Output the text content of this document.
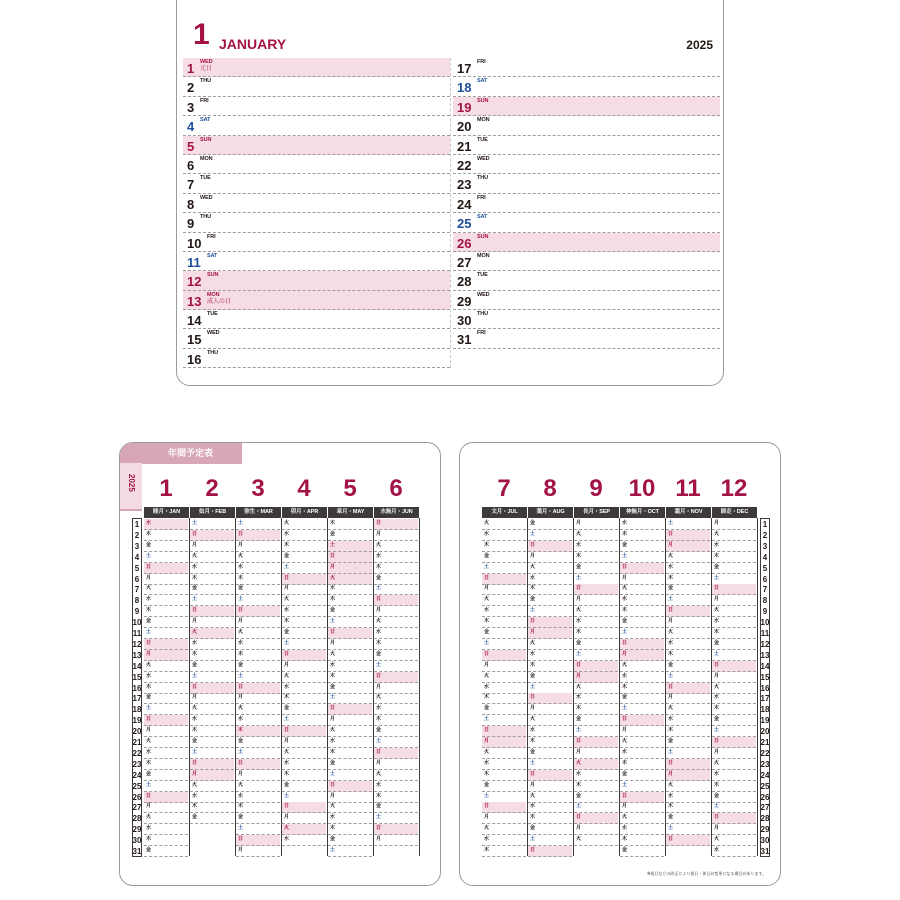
1 JANUARY	2025
1 WED
元日
2 THU
3 FRI
4 SAT
5 SUN
6 MON
7 TUE
8 WED
9 THU
10 FRI
11 SAT
12 SUN
13 MON
成人の日
14 TUE
15 WED
16 THU
17 FRI
18 SAT
19 SUN
20 MON
21 TUE
22 WED
23 THU
24 FRI
25 SAT
26 SUN
27 MON
28 TUE
29 WED
30 THU
31 FRI
2025
年間予定表
1
2
3
4
5
6
7
8
9
10
11
12
13
14
15
16
17
18
19
20
21
22
23
24
25
26
27
28
29
30
31
1
睦月・JAN
水
木
金
土
日
月
火
水
木
金
土
日
月
火
水
木
金
土
日
月
火
水
木
金
土
日
月
火
水
木
金
2
如月・FEB
土
日
月
火
水
木
金
土
日
月
火
水
木
金
土
日
月
火
水
木
金
土
日
月
火
水
木
金
3
弥生・MAR
土
日
月
火
水
木
金
土
日
月
火
水
木
金
土
日
月
火
水
木
金
土
日
月
火
水
木
金
土
日
月
4
卯月・APR
火
水
木
金
土
日
月
火
水
木
金
土
日
月
火
水
木
金
土
日
月
火
水
木
金
土
日
月
火
水
5
皐月・MAY
木
金
土
日
月
火
水
木
金
土
日
月
火
水
木
金
土
日
月
火
水
木
金
土
日
月
火
水
木
金
土
6
水無月・JUN
日
月
火
水
木
金
土
日
月
火
水
木
金
土
日
月
火
水
木
金
土
日
月
火
水
木
金
土
日
月
1
2
3
4
5
6
7
8
9
10
11
12
13
14
15
16
17
18
19
20
21
22
23
24
25
26
27
28
29
30
31
7
文月・JUL
火
水
木
金
土
日
月
火
水
木
金
土
日
月
火
水
木
金
土
日
月
火
水
木
金
土
日
月
火
水
木
8
葉月・AUG
金
土
日
月
火
水
木
金
土
日
月
火
水
木
金
土
日
月
火
水
木
金
土
日
月
火
水
木
金
土
日
9
長月・SEP
月
火
水
木
金
土
日
月
火
水
木
金
土
日
月
火
水
木
金
土
日
月
火
水
木
金
土
日
月
火
10
神無月・OCT
水
木
金
土
日
月
火
水
木
金
土
日
月
火
水
木
金
土
日
月
火
水
木
金
土
日
月
火
水
木
金
11
霜月・NOV
土
日
月
火
水
木
金
土
日
月
火
水
木
金
土
日
月
火
水
木
金
土
日
月
火
水
木
金
土
日
12
師走・DEC
月
火
水
木
金
土
日
月
火
水
木
金
土
日
月
火
水
木
金
土
日
月
火
水
木
金
土
日
月
火
水
※祝日などの改正により祝日・休日が変更になる場合があります。
